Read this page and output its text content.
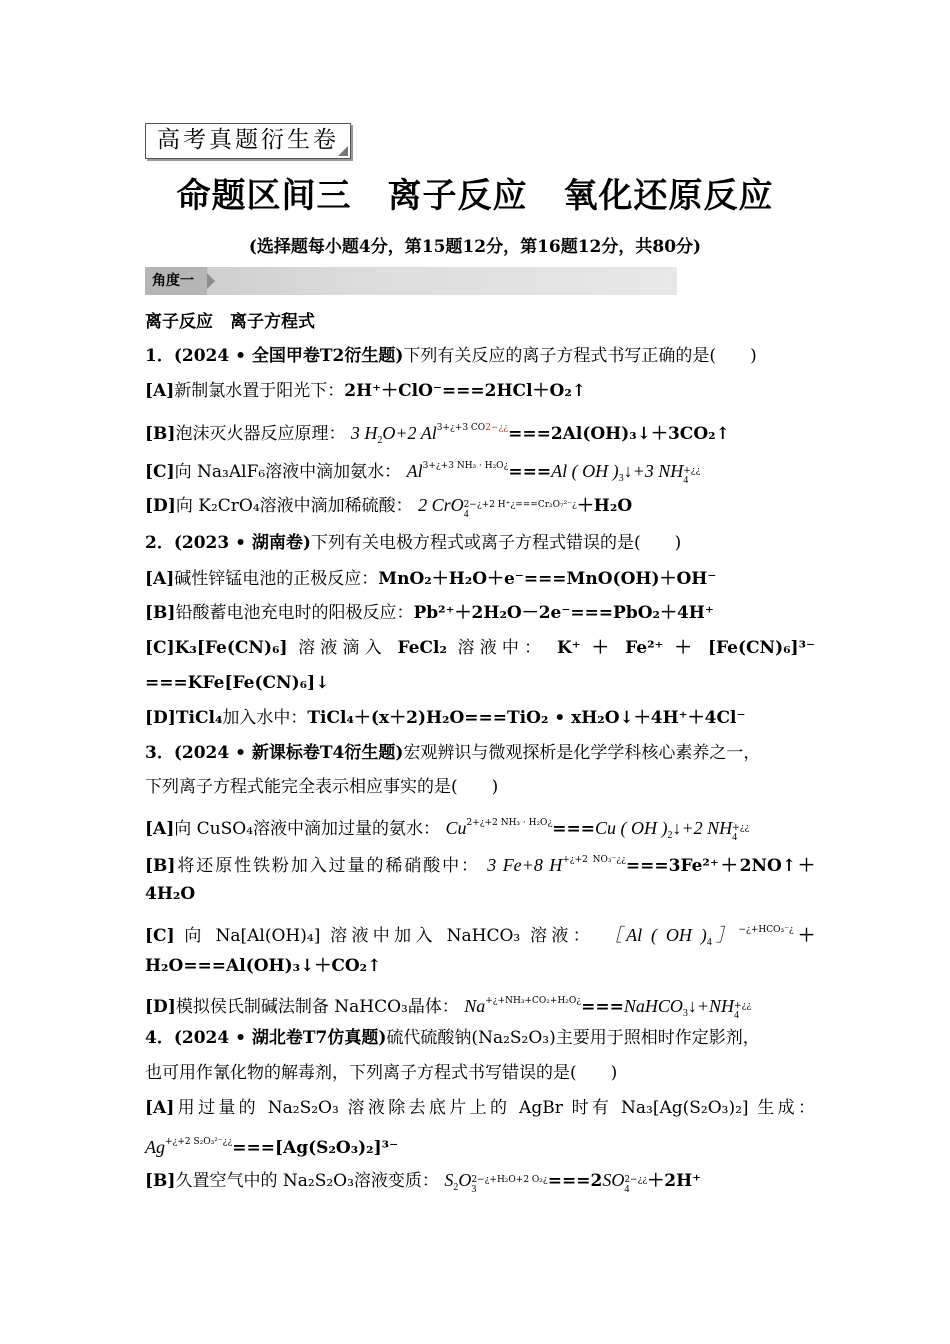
高考真题衍生卷
命题区间三 离子反应 氧化还原反应
(选择题每小题4分，第15题12分，第16题12分，共80分)
角度一
离子反应　离子方程式
1．(2024 • 全国甲卷T2衍生题)下列有关反应的离子方程式书写正确的是(　　)
[A]新制氯水置于阳光下：2H⁺＋ClO⁻===2HCl＋O₂↑
[B]泡沫灭火器反应原理： 3 $H_2O+2$ $Al^{3+¿+3 CO2-¿¿}===2Al(OH)_3↓+3CO_2↑$
[C]向 Na₃AlF₆溶液中滴加氨水： $Al^{3+¿+3 NH_3 \cdot H_2O¿}===Al$ ( OH )$_3↓+3$ NH +¿¿
4
[D]向 K₂CrO₄溶液中滴加稀硫酸： 2 CrO 2−¿+2 H⁺¿===Cr₂O₇²⁻¿
4	＋H₂O
2．(2023 • 湖南卷)下列有关电极方程式或离子方程式错误的是(　　)
[A]碱性锌锰电池的正极反应：MnO₂＋H₂O＋e⁻===MnO(OH)＋OH⁻
[B]铅酸蓄电池充电时的阳极反应：Pb²⁺＋2H₂O－2e⁻===PbO₂＋4H⁺
[C]K₃[Fe(CN)₆] 溶液滴入 FeCl₂ 溶液中： K⁺ ＋ Fe²⁺ ＋ [Fe(CN)₆]³⁻
===KFe[Fe(CN)₆]↓
[D]TiCl₄加入水中：TiCl₄＋(x＋2)H₂O===TiO₂ • xH₂O↓＋4H⁺＋4Cl⁻
3．(2024 • 新课标卷T4衍生题)宏观辨识与微观探析是化学学科核心素养之一，
下列离子方程式能完全表示相应事实的是(　　)
[A]向 CuSO₄溶液中滴加过量的氨水： $Cu^{2+¿+2 NH_3 \cdot H_2O¿}===Cu$ ( OH )$_2↓+2$ NH +¿¿
4
[B]将还原性铁粉加入过量的稀硝酸中： 3 Fe+8 $H^{+¿+2 NO_3^-¿¿}===3Fe^{2+}+2NO↑+$
4H₂O
[C] 向 Na[Al(OH)₄] 溶液中加入 NaHCO₃ 溶液： ［Al ( OH )$_4]^{-¿+HCO_3^-¿}+$
H₂O===Al(OH)₃↓＋CO₂↑
[D]模拟侯氏制碱法制备 NaHCO₃晶体： $Na^{+¿+NH_3+CO_2+H_2O¿}===NaHCO_3↓+NH$ +¿¿
4
4．(2024 • 湖北卷T7仿真题)硫代硫酸钠(Na₂S₂O₃)主要用于照相时作定影剂，
也可用作氰化物的解毒剂，下列离子方程式书写错误的是(　　)
[A]用过量的 Na₂S₂O₃ 溶液除去底片上的 AgBr 时有 Na₃[Ag(S₂O₃)₂] 生成：
$Ag^{+¿+2 S_2O_3^{2-}¿¿}===[Ag(S_2O_3)_2]^{3-}$
[B]久置空气中的 Na₂S₂O₃溶液变质： $S_2O$ 2−¿+H₂O+2 O₂¿
3	===2SO 2−¿¿
4	＋2H⁺
